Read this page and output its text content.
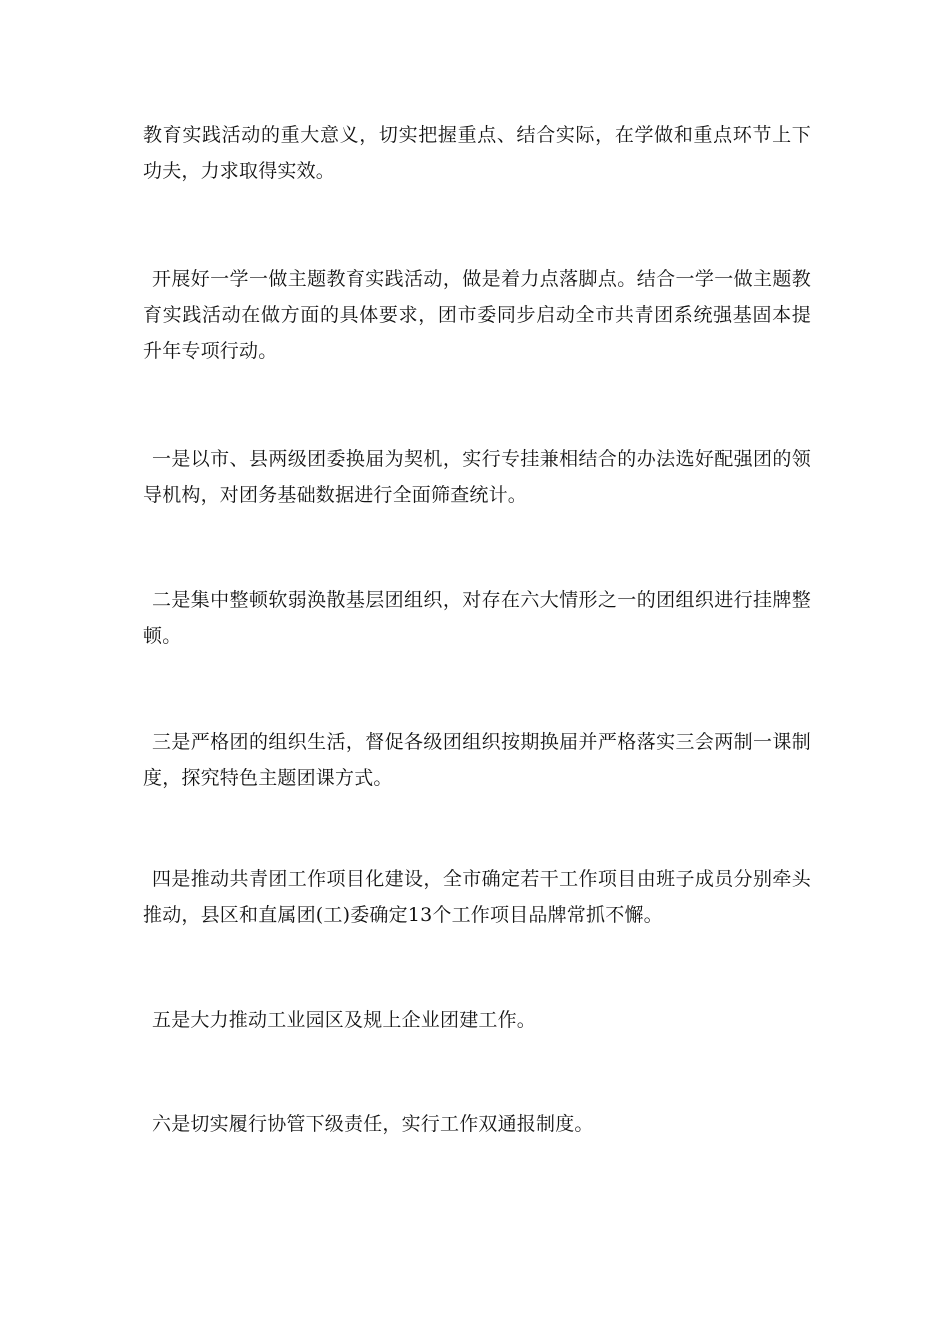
教育实践活动的重大意义，切实把握重点、结合实际，在学做和重点环节上下功夫，力求取得实效。

开展好一学一做主题教育实践活动，做是着力点落脚点。结合一学一做主题教育实践活动在做方面的具体要求，团市委同步启动全市共青团系统强基固本提升年专项行动。

一是以市、县两级团委换届为契机，实行专挂兼相结合的办法选好配强团的领导机构，对团务基础数据进行全面筛查统计。

二是集中整顿软弱涣散基层团组织，对存在六大情形之一的团组织进行挂牌整顿。

三是严格团的组织生活，督促各级团组织按期换届并严格落实三会两制一课制度，探究特色主题团课方式。

四是推动共青团工作项目化建设，全市确定若干工作项目由班子成员分别牵头推动，县区和直属团(工)委确定13个工作项目品牌常抓不懈。

五是大力推动工业园区及规上企业团建工作。

六是切实履行协管下级责任，实行工作双通报制度。
